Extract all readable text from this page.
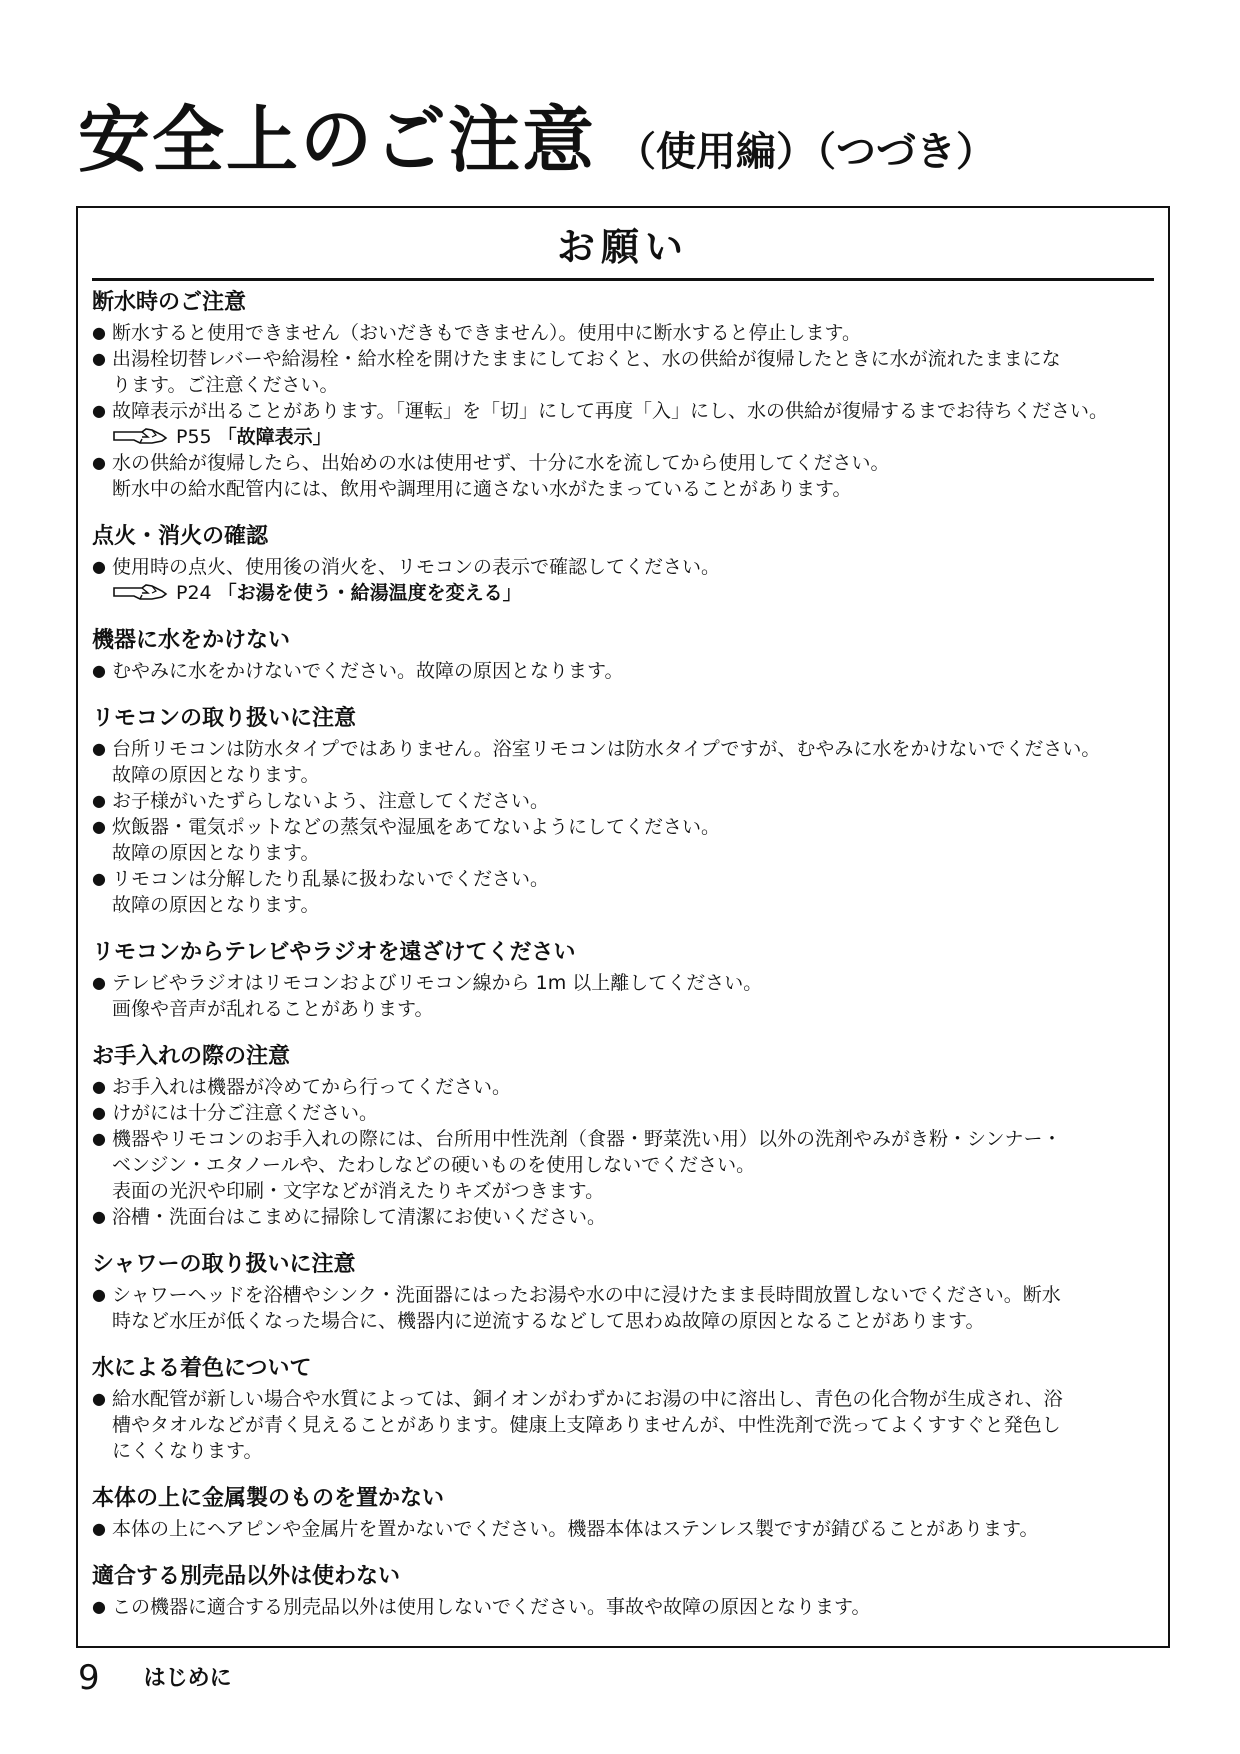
安全上のご注意 （使用編）（つづき）
お願い
断水時のご注意
● 断水すると使用できません（おいだきもできません）。使用中に断水すると停止します。
● 出湯栓切替レバーや給湯栓・給水栓を開けたままにしておくと、水の供給が復帰したときに水が流れたままにな
ります。ご注意ください。
● 故障表示が出ることがあります。「運転」を「切」にして再度「入」にし、水の供給が復帰するまでお待ちください。
P55 「故障表示」
● 水の供給が復帰したら、出始めの水は使用せず、十分に水を流してから使用してください。
断水中の給水配管内には、飲用や調理用に適さない水がたまっていることがあります。
点火・消火の確認
● 使用時の点火、使用後の消火を、リモコンの表示で確認してください。
P24 「お湯を使う・給湯温度を変える」
機器に水をかけない
● むやみに水をかけないでください。故障の原因となります。
リモコンの取り扱いに注意
● 台所リモコンは防水タイプではありません。浴室リモコンは防水タイプですが、むやみに水をかけないでください。
故障の原因となります。
● お子様がいたずらしないよう、注意してください。
● 炊飯器・電気ポットなどの蒸気や湿風をあてないようにしてください。
故障の原因となります。
● リモコンは分解したり乱暴に扱わないでください。
故障の原因となります。
リモコンからテレビやラジオを遠ざけてください
● テレビやラジオはリモコンおよびリモコン線から 1m 以上離してください。
画像や音声が乱れることがあります。
お手入れの際の注意
● お手入れは機器が冷めてから行ってください。
● けがには十分ご注意ください。
● 機器やリモコンのお手入れの際には、台所用中性洗剤（食器・野菜洗い用）以外の洗剤やみがき粉・シンナー・
ベンジン・エタノールや、たわしなどの硬いものを使用しないでください。
表面の光沢や印刷・文字などが消えたりキズがつきます。
● 浴槽・洗面台はこまめに掃除して清潔にお使いください。
シャワーの取り扱いに注意
● シャワーヘッドを浴槽やシンク・洗面器にはったお湯や水の中に浸けたまま長時間放置しないでください。断水
時など水圧が低くなった場合に、機器内に逆流するなどして思わぬ故障の原因となることがあります。
水による着色について
● 給水配管が新しい場合や水質によっては、銅イオンがわずかにお湯の中に溶出し、青色の化合物が生成され、浴
槽やタオルなどが青く見えることがあります。健康上支障ありませんが、中性洗剤で洗ってよくすすぐと発色し
にくくなります。
本体の上に金属製のものを置かない
● 本体の上にヘアピンや金属片を置かないでください。機器本体はステンレス製ですが錆びることがあります。
適合する別売品以外は使わない
● この機器に適合する別売品以外は使用しないでください。事故や故障の原因となります。
9 はじめに
